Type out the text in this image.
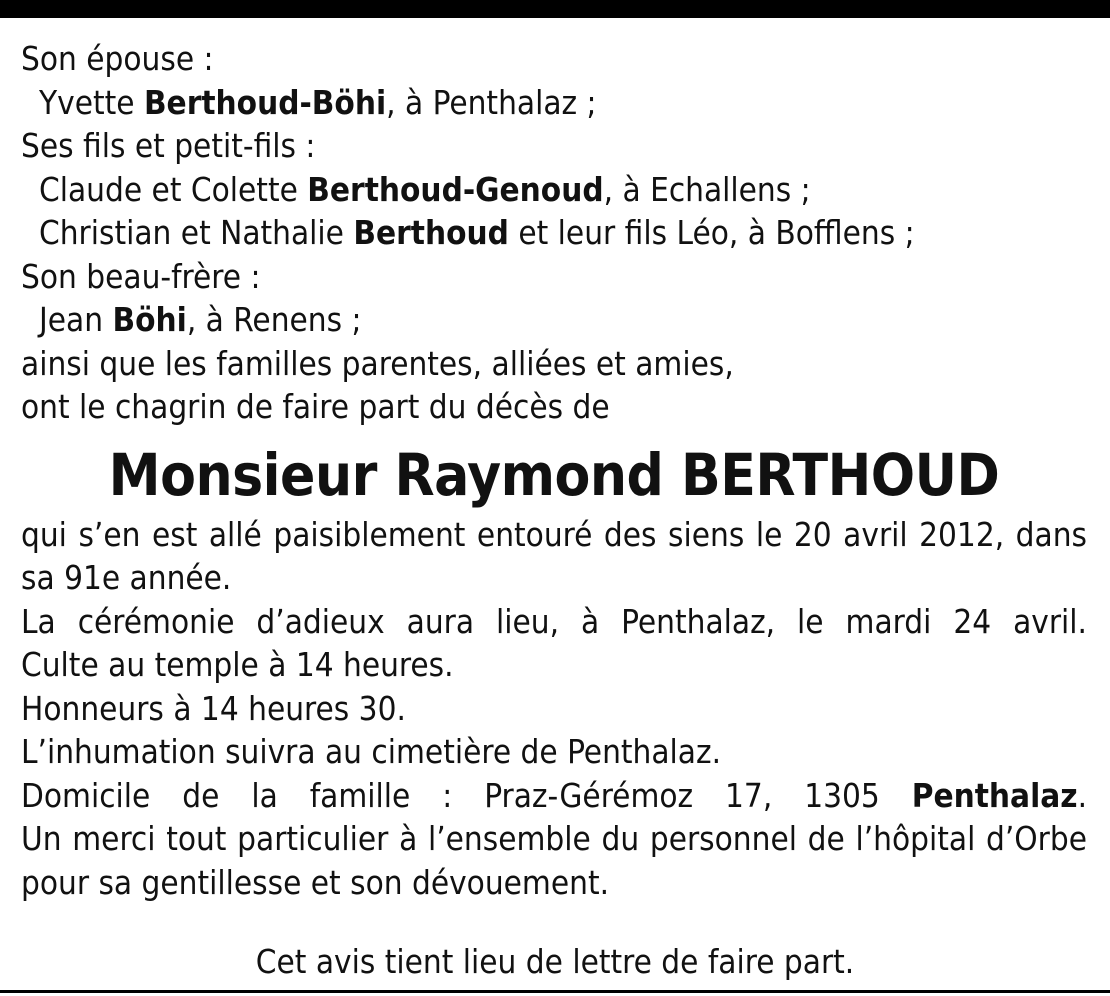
Son épouse :
Yvette Berthoud-Böhi, à Penthalaz ;
Ses fils et petit-fils :
Claude et Colette Berthoud-Genoud, à Echallens ;
Christian et Nathalie Berthoud et leur fils Léo, à Bofflens ;
Son beau-frère :
Jean Böhi, à Renens ;
ainsi que les familles parentes, alliées et amies,
ont le chagrin de faire part du décès de
Monsieur Raymond BERTHOUD
qui s’en est allé paisiblement entouré des siens le 20 avril 2012, dans sa 91e année.
La cérémonie d’adieux aura lieu, à Penthalaz, le mardi 24 avril.
Culte au temple à 14 heures.
Honneurs à 14 heures 30.
L’inhumation suivra au cimetière de Penthalaz.
Domicile de la famille : Praz-Gérémoz 17, 1305 Penthalaz.
Un merci tout particulier à l’ensemble du personnel de l’hôpital d’Orbe pour sa gentillesse et son dévouement.
Cet avis tient lieu de lettre de faire part.
